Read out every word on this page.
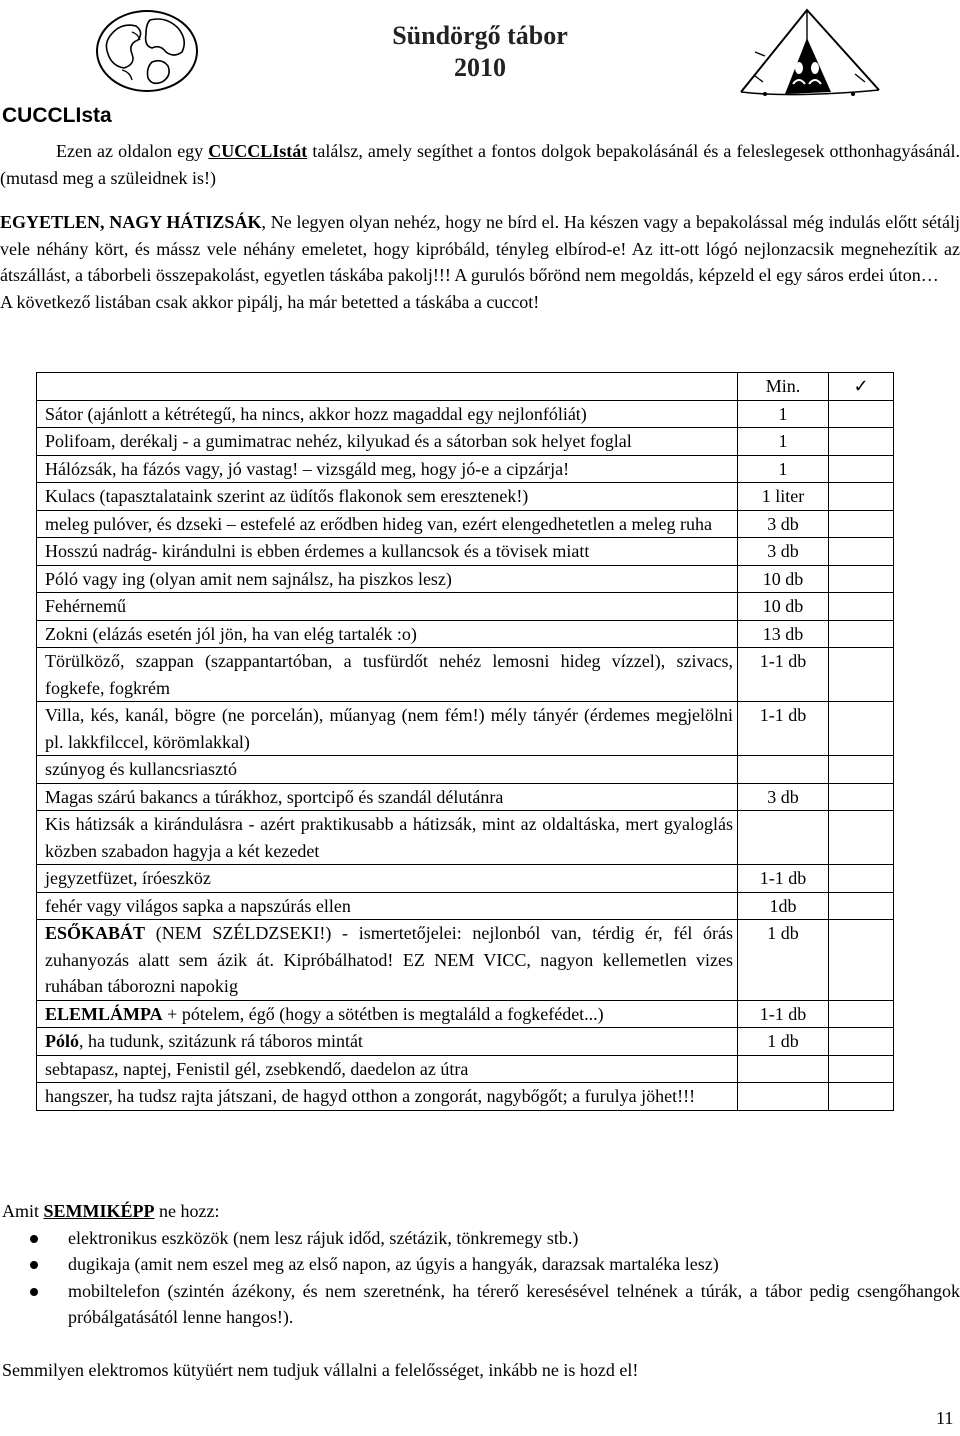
Sündörgő tábor
2010
CUCCLIsta

Ezen az oldalon egy CUCCLIstát találsz, amely segíthet a fontos dolgok bepakolásánál és a feleslegesek otthonhagyásánál. (mutasd meg a szüleidnek is!)

EGYETLEN, NAGY HÁTIZSÁK, Ne legyen olyan nehéz, hogy ne bírd el. Ha készen vagy a bepakolással még indulás előtt sétálj vele néhány kört, és mássz vele néhány emeletet, hogy kipróbáld, tényleg elbírod-e! Az itt-ott lógó nejlonzacsik megnehezítik az átszállást, a táborbeli összepakolást, egyetlen táskába pakolj!!! A gurulós bőrönd nem megoldás, képzeld el egy sáros erdei úton…

A következő listában csak akkor pipálj, ha már betetted a táskába a cuccot!

	Min.	✓
Sátor (ajánlott a kétrétegű, ha nincs, akkor hozz magaddal egy nejlonfóliát)	1	
Polifoam, derékalj - a gumimatrac nehéz, kilyukad és a sátorban sok helyet foglal	1	
Hálózsák, ha fázós vagy, jó vastag! – vizsgáld meg, hogy jó-e a cipzárja!	1	
Kulacs (tapasztalataink szerint az üdítős flakonok sem eresztenek!)	1 liter	
meleg pulóver, és dzseki – estefelé az erődben hideg van, ezért elengedhetetlen a meleg ruha	3 db	
Hosszú nadrág- kirándulni is ebben érdemes a kullancsok és a tövisek miatt	3 db	
Póló vagy ing (olyan amit nem sajnálsz, ha piszkos lesz)	10 db	
Fehérnemű	10 db	
Zokni (elázás esetén jól jön, ha van elég tartalék :o)	13 db	
Törülköző, szappan (szappantartóban, a tusfürdőt nehéz lemosni hideg vízzel), szivacs, fogkefe, fogkrém	1-1 db	
Villa, kés, kanál, bögre (ne porcelán), műanyag (nem fém!) mély tányér (érdemes megjelölni pl. lakkfilccel, körömlakkal)	1-1 db	
szúnyog és kullancsriasztó		
Magas szárú bakancs a túrákhoz, sportcipő és szandál délutánra	3 db	
Kis hátizsák a kirándulásra - azért praktikusabb a hátizsák, mint az oldaltáska, mert gyaloglás közben szabadon hagyja a két kezedet		
jegyzetfüzet, íróeszköz	1-1 db	
fehér vagy világos sapka a napszúrás ellen	1db	
ESŐKABÁT (NEM SZÉLDZSEKI!) - ismertetőjelei: nejlonból van, térdig ér, fél órás zuhanyozás alatt sem ázik át. Kipróbálhatod! EZ NEM VICC, nagyon kellemetlen vizes ruhában táborozni napokig	1 db	
ELEMLÁMPA + pótelem, égő (hogy a sötétben is megtaláld a fogkefédet...)	1-1 db	
Póló, ha tudunk, szitázunk rá táboros mintát	1 db	
sebtapasz, naptej, Fenistil gél, zsebkendő, daedelon az útra		
hangszer, ha tudsz rajta játszani, de hagyd otthon a zongorát, nagybőgőt; a furulya jöhet!!!		
Amit SEMMIKÉPP ne hozz:
elektronikus eszközök (nem lesz rájuk időd, szétázik, tönkremegy stb.)
dugikaja (amit nem eszel meg az első napon, az úgyis a hangyák, darazsak martaléka lesz)
mobiltelefon (szintén ázékony, és nem szeretnénk, ha térerő keresésével telnének a túrák, a tábor pedig csengőhangok próbálgatásától lenne hangos!).
Semmilyen elektromos kütyüért nem tudjuk vállalni a felelősséget, inkább ne is hozd el!
11
